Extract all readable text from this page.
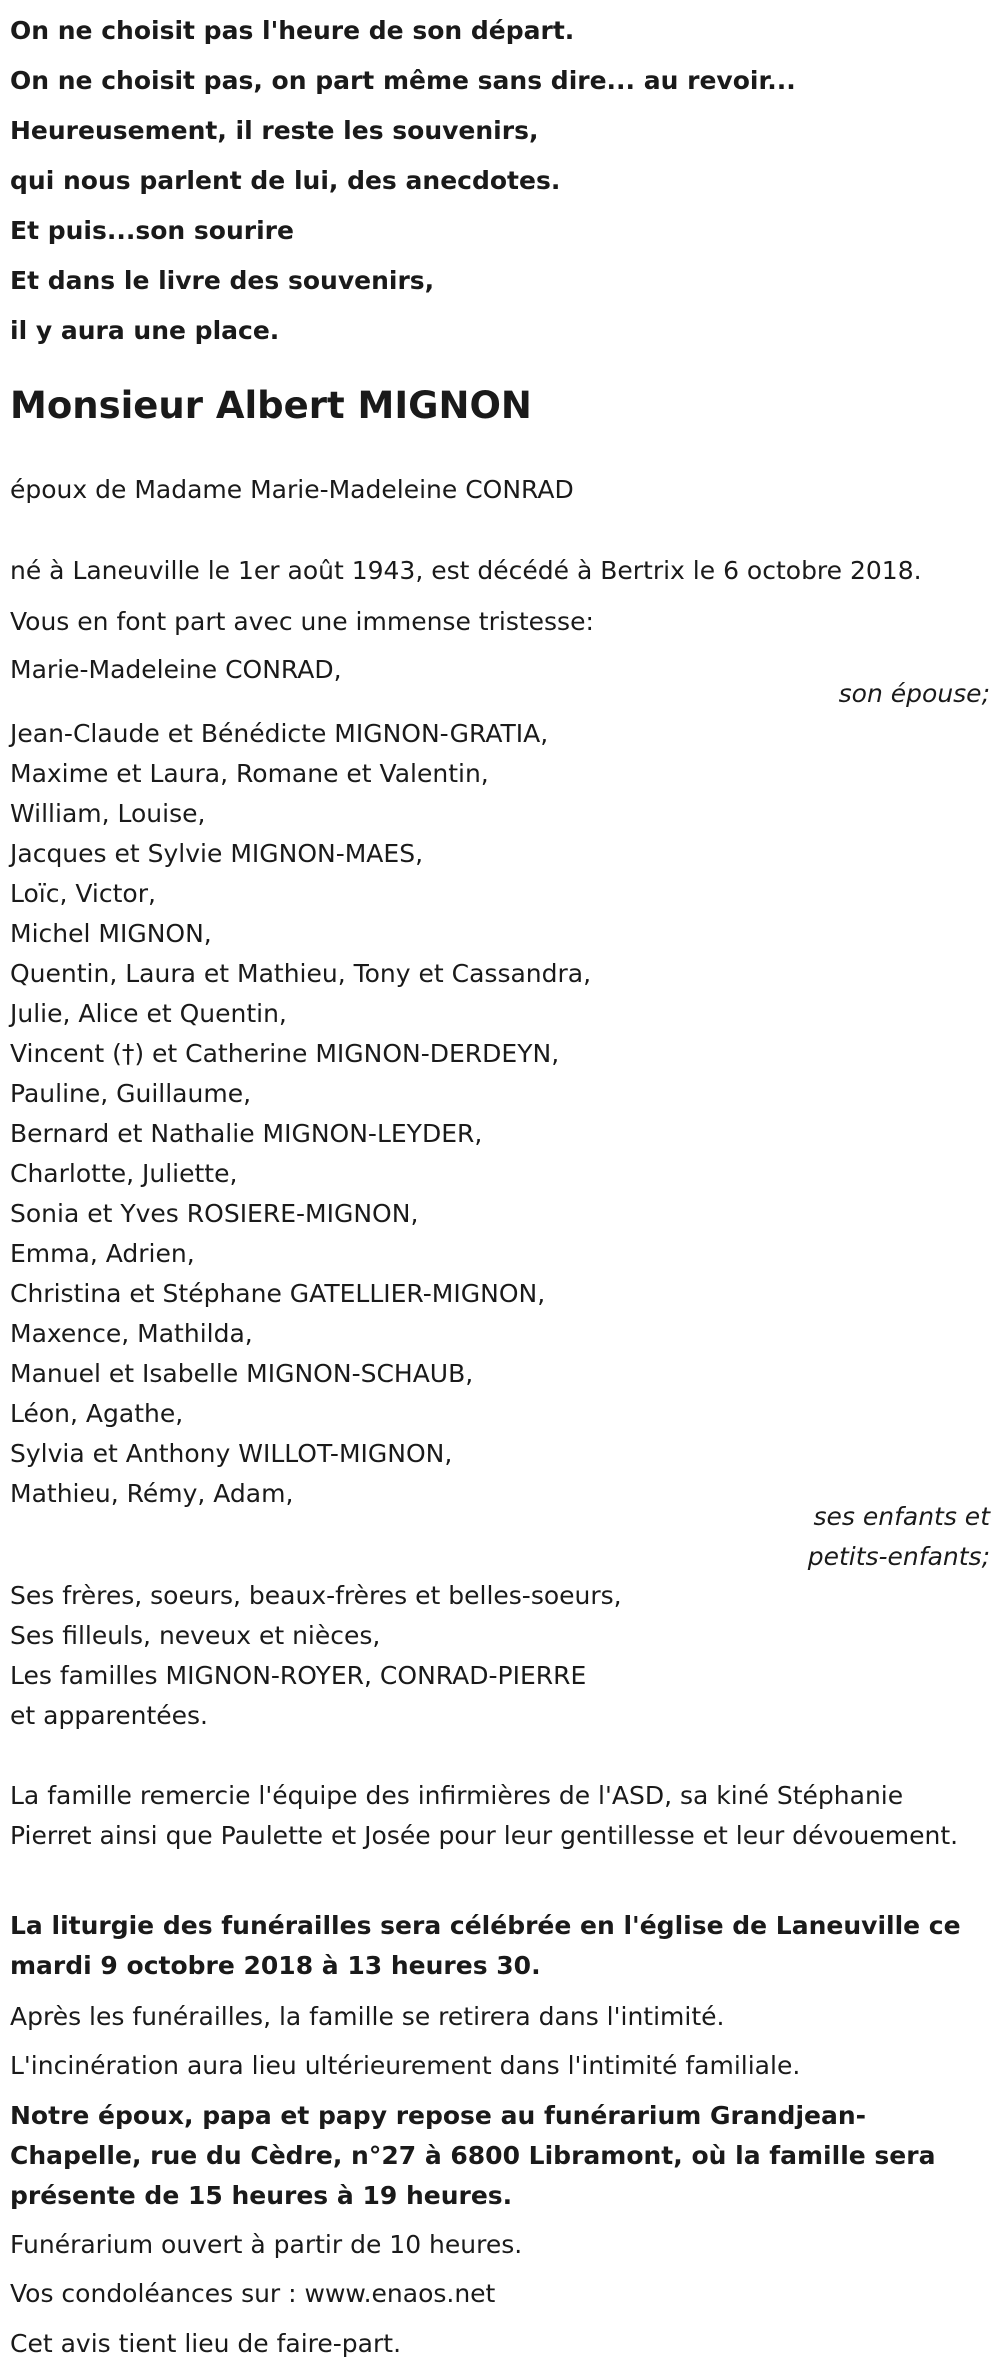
On ne choisit pas l'heure de son départ.
On ne choisit pas, on part même sans dire... au revoir...
Heureusement, il reste les souvenirs,
qui nous parlent de lui, des anecdotes.
Et puis...son sourire
Et dans le livre des souvenirs,
il y aura une place.
Monsieur Albert MIGNON
époux de Madame Marie-Madeleine CONRAD
né à Laneuville le 1er août 1943, est décédé à Bertrix le 6 octobre 2018.
Vous en font part avec une immense tristesse:
Marie-Madeleine CONRAD,
son épouse;
Jean-Claude et Bénédicte MIGNON-GRATIA,
Maxime et Laura, Romane et Valentin,
William, Louise,
Jacques et Sylvie MIGNON-MAES,
Loïc, Victor,
Michel MIGNON,
Quentin, Laura et Mathieu, Tony et Cassandra,
Julie, Alice et Quentin,
Vincent (†) et Catherine MIGNON-DERDEYN,
Pauline, Guillaume,
Bernard et Nathalie MIGNON-LEYDER,
Charlotte, Juliette,
Sonia et Yves ROSIERE-MIGNON,
Emma, Adrien,
Christina et Stéphane GATELLIER-MIGNON,
Maxence, Mathilda,
Manuel et Isabelle MIGNON-SCHAUB,
Léon, Agathe,
Sylvia et Anthony WILLOT-MIGNON,
Mathieu, Rémy, Adam,
ses enfants et
petits-enfants;
Ses frères, soeurs, beaux-frères et belles-soeurs,
Ses filleuls, neveux et nièces,
Les familles MIGNON-ROYER, CONRAD-PIERRE
et apparentées.
La famille remercie l'équipe des infirmières de l'ASD, sa kiné Stéphanie Pierret ainsi que Paulette et Josée pour leur gentillesse et leur dévouement.
La liturgie des funérailles sera célébrée en l'église de Laneuville ce mardi 9 octobre 2018 à 13 heures 30.
Après les funérailles, la famille se retirera dans l'intimité.
L'incinération aura lieu ultérieurement dans l'intimité familiale.
Notre époux, papa et papy repose au funérarium Grandjean-Chapelle, rue du Cèdre, n°27 à 6800 Libramont, où la famille sera présente de 15 heures à 19 heures.
Funérarium ouvert à partir de 10 heures.
Vos condoléances sur : www.enaos.net
Cet avis tient lieu de faire-part.
